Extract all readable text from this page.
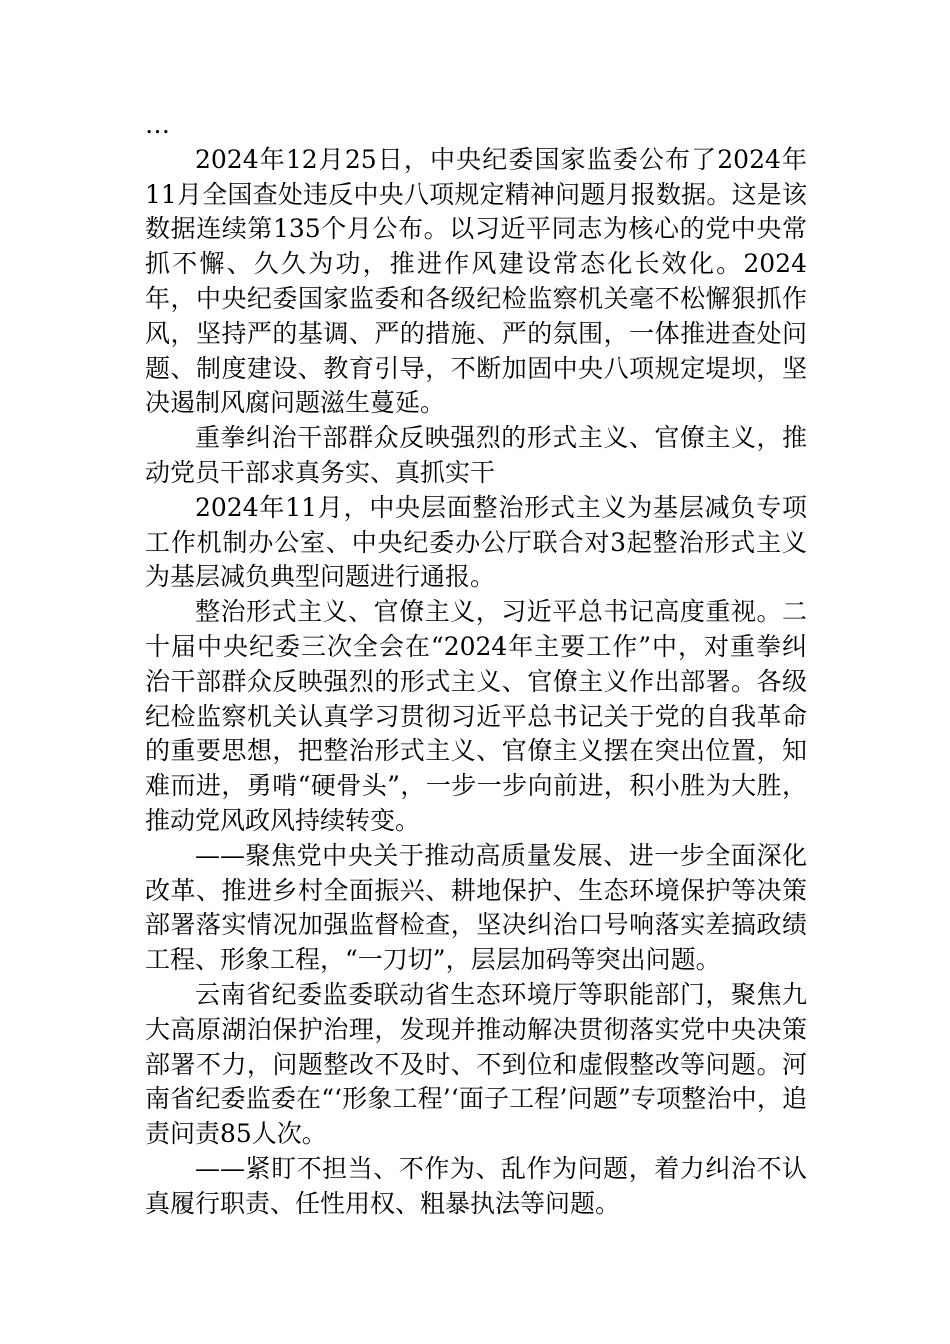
…

2024年12月25日，中央纪委国家监委公布了2024年11月全国查处违反中央八项规定精神问题月报数据。这是该数据连续第135个月公布。以习近平同志为核心的党中央常抓不懈、久久为功，推进作风建设常态化长效化。2024年，中央纪委国家监委和各级纪检监察机关毫不松懈狠抓作风，坚持严的基调、严的措施、严的氛围，一体推进查处问题、制度建设、教育引导，不断加固中央八项规定堤坝，坚决遏制风腐问题滋生蔓延。

重拳纠治干部群众反映强烈的形式主义、官僚主义，推动党员干部求真务实、真抓实干

2024年11月，中央层面整治形式主义为基层减负专项工作机制办公室、中央纪委办公厅联合对3起整治形式主义为基层减负典型问题进行通报。

整治形式主义、官僚主义，习近平总书记高度重视。二十届中央纪委三次全会在“2024年主要工作”中，对重拳纠治干部群众反映强烈的形式主义、官僚主义作出部署。各级纪检监察机关认真学习贯彻习近平总书记关于党的自我革命的重要思想，把整治形式主义、官僚主义摆在突出位置，知难而进，勇啃“硬骨头”，一步一步向前进，积小胜为大胜，推动党风政风持续转变。

——聚焦党中央关于推动高质量发展、进一步全面深化改革、推进乡村全面振兴、耕地保护、生态环境保护等决策部署落实情况加强监督检查，坚决纠治口号响落实差搞政绩工程、形象工程，“一刀切”，层层加码等突出问题。

云南省纪委监委联动省生态环境厅等职能部门，聚焦九大高原湖泊保护治理，发现并推动解决贯彻落实党中央决策部署不力，问题整改不及时、不到位和虚假整改等问题。河南省纪委监委在“‘形象工程’‘面子工程’问题”专项整治中，追责问责85人次。

——紧盯不担当、不作为、乱作为问题，着力纠治不认真履行职责、任性用权、粗暴执法等问题。
